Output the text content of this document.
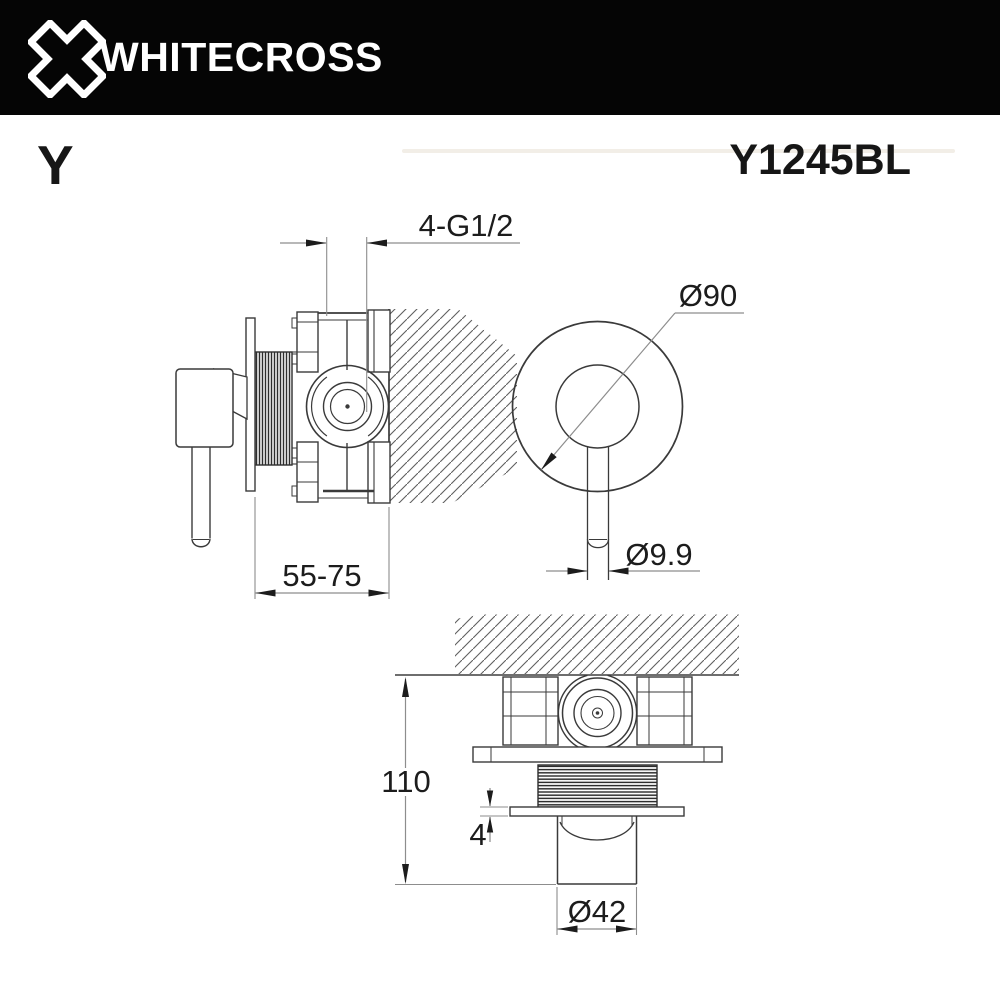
Y	Y1245BL
4-G1/2
55-75
Ø90
Ø9.9
110
4
Ø42
WHITECROSS
